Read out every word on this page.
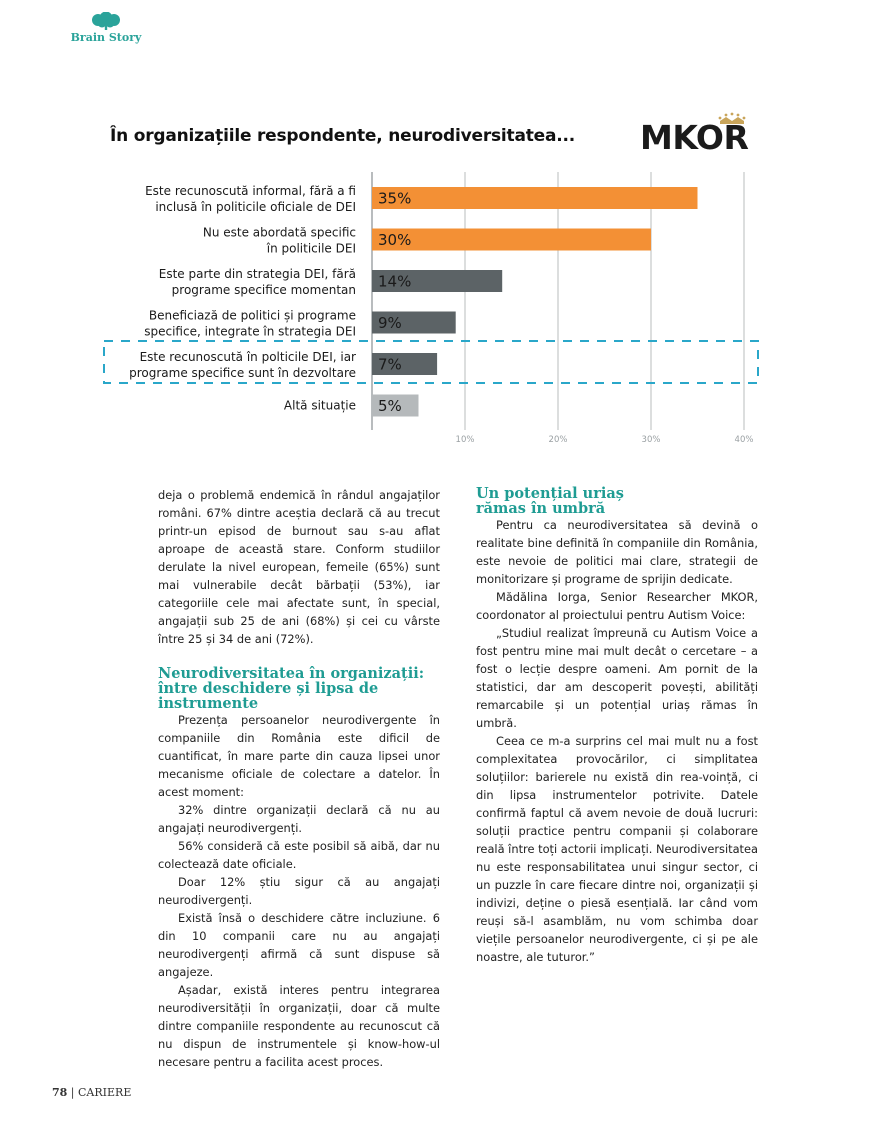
Brain Story
În organizațiile respondente, neurodiversitatea... MKOR
10%	20%	30%	40%
35%
Este recunoscută informal, fără a fi
inclusă în politicile oficiale de DEI
30%
Nu este abordată specific
în politicile DEI
14%
Este parte din strategia DEI, fără
programe specifice momentan
9%
Beneficiază de politici și programe
specifice, integrate în strategia DEI
7%
Este recunoscută în polticile DEI, iar
programe specifice sunt în dezvoltare
5%
Altă situație

deja o problemă endemică în rândul angajaților români. 67% dintre aceștia declară că au trecut printr-un episod de burnout sau s-au aflat aproape de această stare. Conform studiilor derulate la nivel european, femeile (65%) sunt mai vulnerabile decât bărbații (53%), iar categoriile cele mai afectate sunt, în special, angajații sub 25 de ani (68%) și cei cu vârste între 25 și 34 de ani (72%).

Neurodiversitatea în organizații: între deschidere și lipsa de instrumente

Prezența persoanelor neurodivergente în companiile din România este dificil de cuantificat, în mare parte din cauza lipsei unor mecanisme oficiale de colectare a datelor. În acest moment:

32% dintre organizații declară că nu au angajați neurodivergenți.

56% consideră că este posibil să aibă, dar nu colectează date oficiale.

Doar 12% știu sigur că au angajați neurodivergenți.

Există însă o deschidere către incluziune. 6 din 10 companii care nu au angajați neurodivergenți afirmă că sunt dispuse să angajeze.

Așadar, există interes pentru integrarea neurodiversității în organizații, doar că multe dintre companiile respondente au recunoscut că nu dispun de instrumentele și know-how-ul necesare pentru a facilita acest proces.

Un potențial uriaș rămas în umbră

Pentru ca neurodiversitatea să devină o realitate bine definită în companiile din România, este nevoie de politici mai clare, strategii de monitorizare și programe de sprijin dedicate.

Mădălina Iorga, Senior Researcher MKOR, coordonator al proiectului pentru Autism Voice:

„Studiul realizat împreună cu Autism Voice a fost pentru mine mai mult decât o cercetare – a fost o lecție despre oameni. Am pornit de la statistici, dar am descoperit povești, abilități remarcabile și un potențial uriaș rămas în umbră.

Ceea ce m-a surprins cel mai mult nu a fost complexitatea provocărilor, ci simplitatea soluțiilor: barierele nu există din rea-voință, ci din lipsa instrumentelor potrivite. Datele confirmă faptul că avem nevoie de două lucruri: soluții practice pentru companii și colaborare reală între toți actorii implicați. Neurodiversitatea nu este responsabilitatea unui singur sector, ci un puzzle în care fiecare dintre noi, organizații și indivizi, deține o piesă esențială. Iar când vom reuși să-l asamblăm, nu vom schimba doar viețile persoanelor neurodivergente, ci și pe ale noastre, ale tuturor.”

78 | CARIERE
